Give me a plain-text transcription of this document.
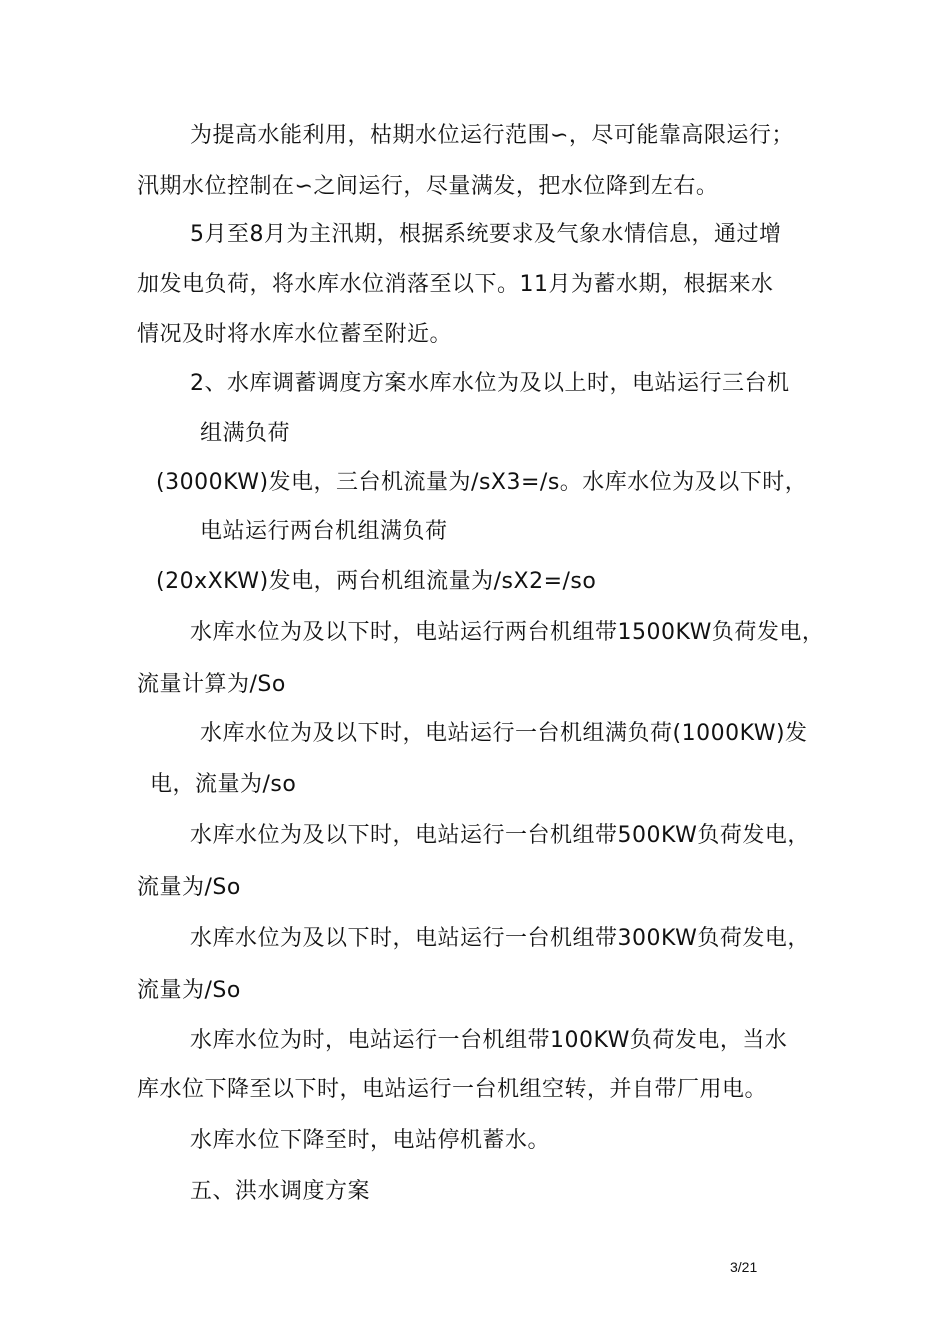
为提高水能利用，枯期水位运行范围∽，尽可能靠高限运行；
汛期水位控制在∽之间运行，尽量满发，把水位降到左右。
5月至8月为主汛期，根据系统要求及气象水情信息，通过增
加发电负荷，将水库水位消落至以下。11月为蓄水期，根据来水
情况及时将水库水位蓄至附近。
2、水库调蓄调度方案水库水位为及以上时，电站运行三台机
组满负荷
(3000KW)发电，三台机流量为/sX3=/s。水库水位为及以下时，
电站运行两台机组满负荷
(20xXKW)发电，两台机组流量为/sX2=/so
水库水位为及以下时，电站运行两台机组带1500KW负荷发电，
流量计算为/So
水库水位为及以下时，电站运行一台机组满负荷(1000KW)发
电，流量为/so
水库水位为及以下时，电站运行一台机组带500KW负荷发电，
流量为/So
水库水位为及以下时，电站运行一台机组带300KW负荷发电，
流量为/So
水库水位为时，电站运行一台机组带100KW负荷发电，当水
库水位下降至以下时，电站运行一台机组空转，并自带厂用电。
水库水位下降至时，电站停机蓄水。
五、洪水调度方案
3/21
